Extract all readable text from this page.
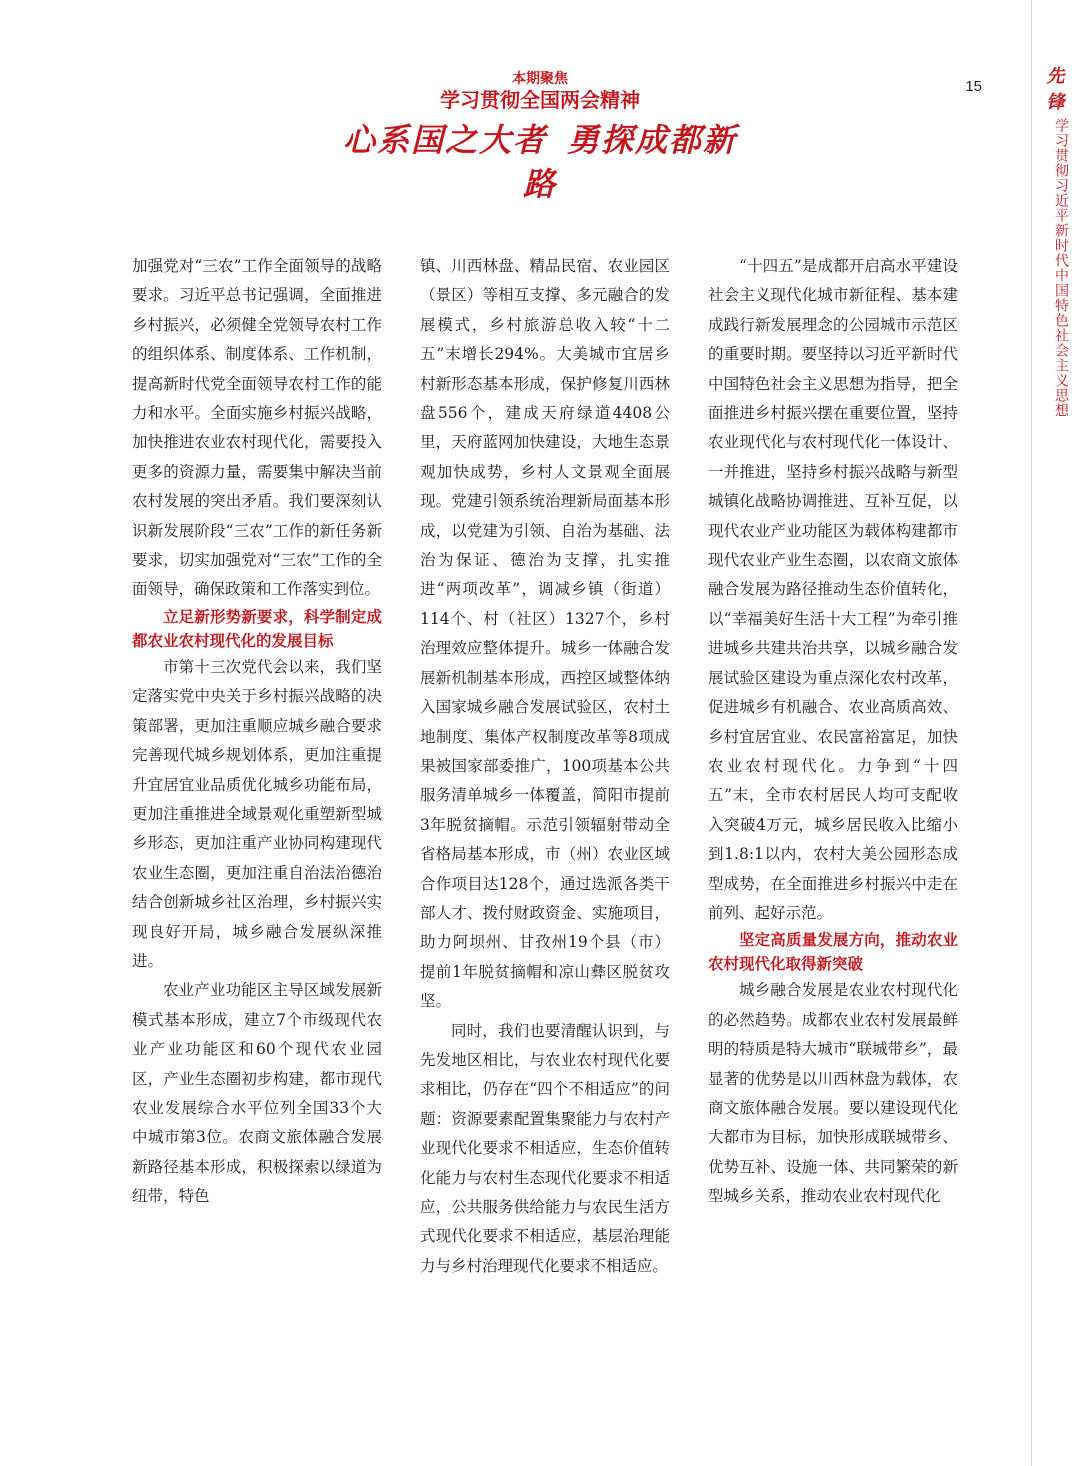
先锋
学习贯彻习近平新时代中国特色社会主义思想
15
本期聚焦
学习贯彻全国两会精神
心系国之大者 勇探成都新路

加强党对“三农”工作全面领导的战略要求。习近平总书记强调，全面推进乡村振兴，必须健全党领导农村工作的组织体系、制度体系、工作机制，提高新时代党全面领导农村工作的能力和水平。全面实施乡村振兴战略，加快推进农业农村现代化，需要投入更多的资源力量，需要集中解决当前农村发展的突出矛盾。我们要深刻认识新发展阶段“三农”工作的新任务新要求，切实加强党对“三农”工作的全面领导，确保政策和工作落实到位。

立足新形势新要求，科学制定成都农业农村现代化的发展目标

市第十三次党代会以来，我们坚定落实党中央关于乡村振兴战略的决策部署，更加注重顺应城乡融合要求完善现代城乡规划体系，更加注重提升宜居宜业品质优化城乡功能布局，更加注重推进全域景观化重塑新型城乡形态，更加注重产业协同构建现代农业生态圈，更加注重自治法治德治结合创新城乡社区治理，乡村振兴实现良好开局，城乡融合发展纵深推进。

农业产业功能区主导区域发展新模式基本形成，建立7个市级现代农业产业功能区和60个现代农业园区，产业生态圈初步构建，都市现代农业发展综合水平位列全国33个大中城市第3位。农商文旅体融合发展新路径基本形成，积极探索以绿道为纽带，特色

镇、川西林盘、精品民宿、农业园区（景区）等相互支撑、多元融合的发展模式，乡村旅游总收入较“十二五”末增长294%。大美城市宜居乡村新形态基本形成，保护修复川西林盘556个，建成天府绿道4408公里，天府蓝网加快建设，大地生态景观加快成势，乡村人文景观全面展现。党建引领系统治理新局面基本形成，以党建为引领、自治为基础、法治为保证、德治为支撑，扎实推进“两项改革”，调减乡镇（街道）114个、村（社区）1327个，乡村治理效应整体提升。城乡一体融合发展新机制基本形成，西控区域整体纳入国家城乡融合发展试验区，农村土地制度、集体产权制度改革等8项成果被国家部委推广，100项基本公共服务清单城乡一体覆盖，简阳市提前3年脱贫摘帽。示范引领辐射带动全省格局基本形成，市（州）农业区域合作项目达128个，通过选派各类干部人才、拨付财政资金、实施项目，助力阿坝州、甘孜州19个县（市）提前1年脱贫摘帽和凉山彝区脱贫攻坚。

同时，我们也要清醒认识到，与先发地区相比，与农业农村现代化要求相比，仍存在“四个不相适应”的问题：资源要素配置集聚能力与农村产业现代化要求不相适应，生态价值转化能力与农村生态现代化要求不相适应，公共服务供给能力与农民生活方式现代化要求不相适应，基层治理能力与乡村治理现代化要求不相适应。

“十四五”是成都开启高水平建设社会主义现代化城市新征程、基本建成践行新发展理念的公园城市示范区的重要时期。要坚持以习近平新时代中国特色社会主义思想为指导，把全面推进乡村振兴摆在重要位置，坚持农业现代化与农村现代化一体设计、一并推进，坚持乡村振兴战略与新型城镇化战略协调推进、互补互促，以现代农业产业功能区为载体构建都市现代农业产业生态圈，以农商文旅体融合发展为路径推动生态价值转化，以“幸福美好生活十大工程”为牵引推进城乡共建共治共享，以城乡融合发展试验区建设为重点深化农村改革，促进城乡有机融合、农业高质高效、乡村宜居宜业、农民富裕富足，加快农业农村现代化。力争到“十四五”末，全市农村居民人均可支配收入突破4万元，城乡居民收入比缩小到1.8:1以内，农村大美公园形态成型成势，在全面推进乡村振兴中走在前列、起好示范。

坚定高质量发展方向，推动农业农村现代化取得新突破

城乡融合发展是农业农村现代化的必然趋势。成都农业农村发展最鲜明的特质是特大城市“联城带乡”，最显著的优势是以川西林盘为载体，农商文旅体融合发展。要以建设现代化大都市为目标，加快形成联城带乡、优势互补、设施一体、共同繁荣的新型城乡关系，推动农业农村现代化
